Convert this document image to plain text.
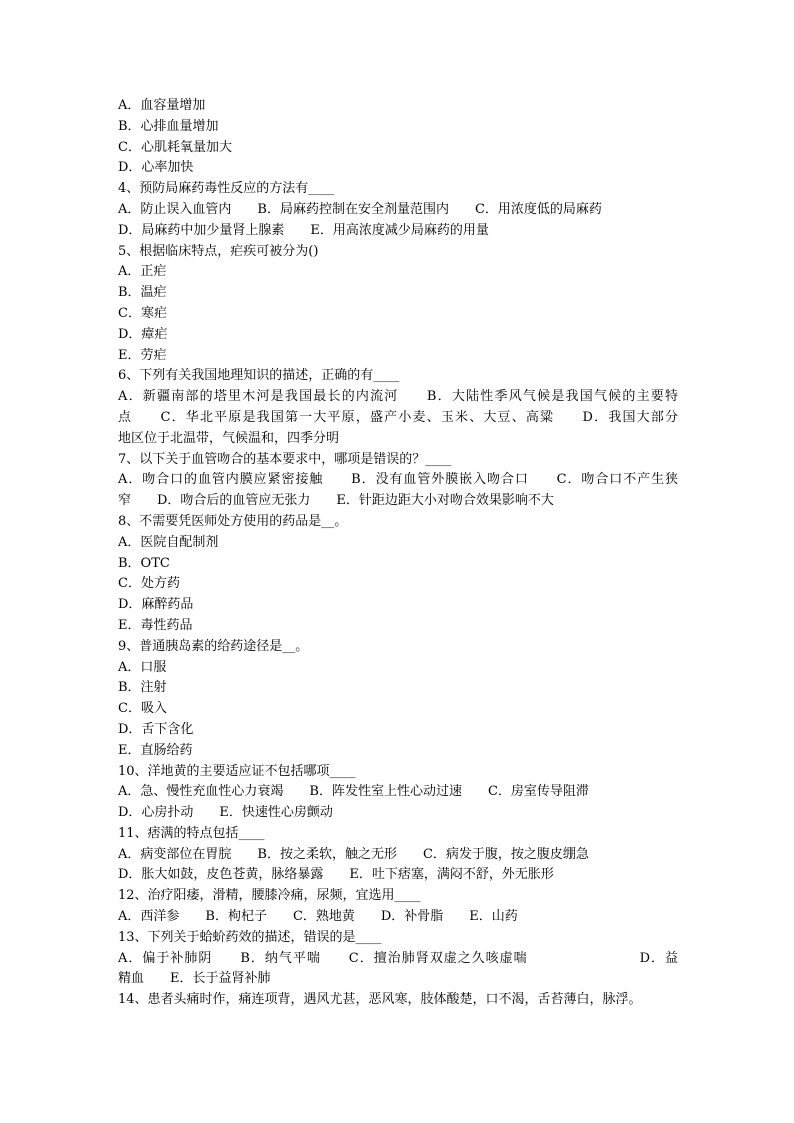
A．血容量增加
B．心排血量增加
C．心肌耗氧量加大
D．心率加快
4、预防局麻药毒性反应的方法有____
A．防止误入血管内　　B．局麻药控制在安全剂量范围内　　C．用浓度低的局麻药
D．局麻药中加少量肾上腺素　　E．用高浓度减少局麻药的用量
5、根据临床特点，疟疾可被分为()
A．正疟
B．温疟
C．寒疟
D．瘴疟
E．劳疟
6、下列有关我国地理知识的描述，正确的有____
A．新疆南部的塔里木河是我国最长的内流河　　B．大陆性季风气候是我国气候的主要特
点　　C．华北平原是我国第一大平原，盛产小麦、玉米、大豆、高粱　　D．我国大部分
地区位于北温带，气候温和，四季分明
7、以下关于血管吻合的基本要求中，哪项是错误的？____
A．吻合口的血管内膜应紧密接触　　B．没有血管外膜嵌入吻合口　　C．吻合口不产生狭
窄　　D．吻合后的血管应无张力　　E．针距边距大小对吻合效果影响不大
8、不需要凭医师处方使用的药品是__。
A．医院自配制剂
B．OTC
C．处方药
D．麻醉药品
E．毒性药品
9、普通胰岛素的给药途径是__。
A．口服
B．注射
C．吸入
D．舌下含化
E．直肠给药
10、洋地黄的主要适应证不包括哪项____
A．急、慢性充血性心力衰竭　　B．阵发性室上性心动过速　　C．房室传导阻滞
D．心房扑动　　E．快速性心房颤动
11、痞满的特点包括____
A．病变部位在胃脘　　B．按之柔软，触之无形　　C．病发于腹，按之腹皮绷急
D．胀大如鼓，皮色苍黄，脉络暴露　　E．吐下痞塞，满闷不舒，外无胀形
12、治疗阳痿，滑精，腰膝冷痛，尿频，宜选用____
A．西洋参　　B．枸杞子　　C．熟地黄　　D．补骨脂　　E．山药
13、下列关于蛤蚧药效的描述，错误的是____
A．偏于补肺阴　　B．纳气平喘　　C．擅治肺肾双虚之久咳虚喘　　　　　　　　D．益
精血　　E．长于益肾补肺
14、患者头痛时作，痛连项背，遇风尤甚，恶风寒，肢体酸楚，口不渴，舌苔薄白，脉浮。
